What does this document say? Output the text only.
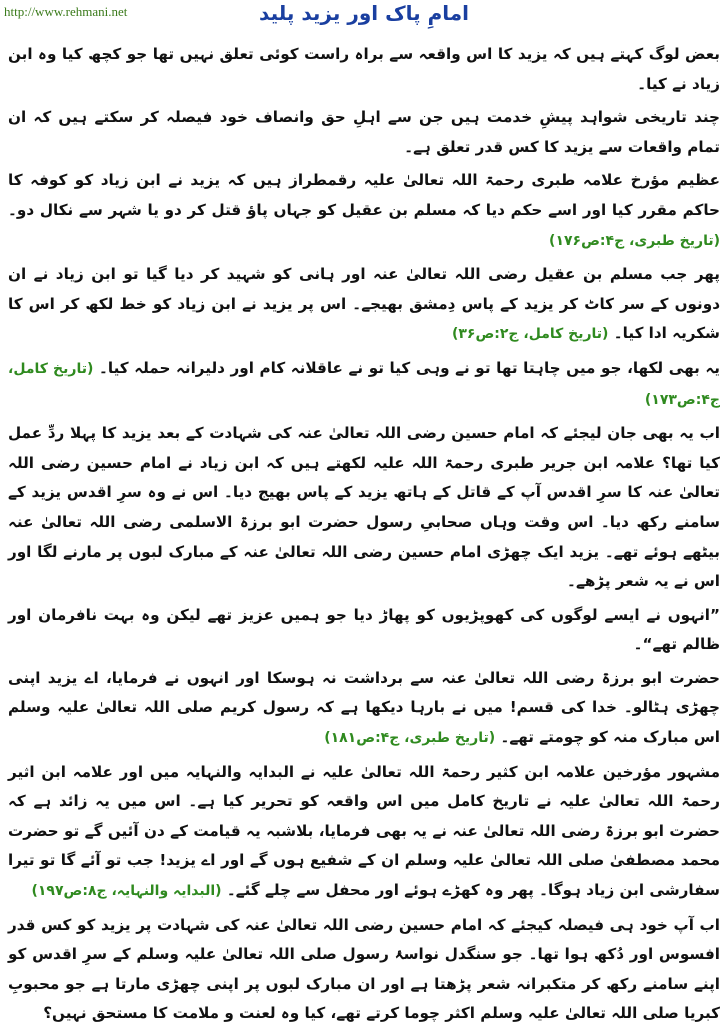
http://www.rehmani.net	امامِ پاک اور یزید پلید

بعض لوگ کہتے ہیں کہ یزید کا اس واقعہ سے براہ راست کوئی تعلق نہیں تھا جو کچھ کیا وہ ابن زیاد نے کیا۔

چند تاریخی شواہد پیشِ خدمت ہیں جن سے اہلِ حق وانصاف خود فیصلہ کر سکتے ہیں کہ ان تمام واقعات سے یزید کا کس قدر تعلق ہے۔

عظیم مؤرخ علامہ طبری رحمۃ اللہ تعالیٰ علیہ رقمطراز ہیں کہ یزید نے ابن زیاد کو کوفہ کا حاکم مقرر کیا اور اسے حکم دیا کہ مسلم بن عقیل کو جہاں پاؤ قتل کر دو یا شہر سے نکال دو۔ (تاریخ طبری، ج۴:ص۱۷۶)

پھر جب مسلم بن عقیل رضی اللہ تعالیٰ عنہ اور ہانی کو شہید کر دیا گیا تو ابن زیاد نے ان دونوں کے سر کاٹ کر یزید کے پاس دِمشق بھیجے۔ اس پر یزید نے ابن زیاد کو خط لکھ کر اس کا شکریہ ادا کیا۔ (تاریخ کامل، ج۲:ص۳۶)

یہ بھی لکھا، جو میں چاہتا تھا تو نے وہی کیا تو نے عاقلانہ کام اور دلیرانہ حملہ کیا۔ (تاریخ کامل، ج۴:ص۱۷۳)

اب یہ بھی جان لیجئے کہ امام حسین رضی اللہ تعالیٰ عنہ کی شہادت کے بعد یزید کا پہلا ردِّ عمل کیا تھا؟ علامہ ابن جریر طبری رحمۃ اللہ علیہ لکھتے ہیں کہ ابن زیاد نے امام حسین رضی اللہ تعالیٰ عنہ کا سرِ اقدس آپ کے قاتل کے ہاتھ یزید کے پاس بھیج دیا۔ اس نے وہ سرِ اقدس یزید کے سامنے رکھ دیا۔ اس وقت وہاں صحابیِ رسول حضرت ابو برزۃ الاسلمی رضی اللہ تعالیٰ عنہ بیٹھے ہوئے تھے۔ یزید ایک چھڑی امام حسین رضی اللہ تعالیٰ عنہ کے مبارک لبوں پر مارنے لگا اور اس نے یہ شعر پڑھے۔

”انہوں نے ایسے لوگوں کی کھوپڑیوں کو پھاڑ دیا جو ہمیں عزیز تھے لیکن وہ بہت نافرمان اور ظالم تھے“۔

حضرت ابو برزۃ رضی اللہ تعالیٰ عنہ سے برداشت نہ ہوسکا اور انہوں نے فرمایا، اے یزید اپنی چھڑی ہٹالو۔ خدا کی قسم! میں نے بارہا دیکھا ہے کہ رسول کریم صلی اللہ تعالیٰ علیہ وسلم اس مبارک منہ کو چومتے تھے۔ (تاریخ طبری، ج۴:ص۱۸۱)

مشہور مؤرخین علامہ ابن کثیر رحمۃ اللہ تعالیٰ علیہ نے البدایہ والنہایہ میں اور علامہ ابن اثیر رحمۃ اللہ تعالیٰ علیہ نے تاریخ کامل میں اس واقعہ کو تحریر کیا ہے۔ اس میں یہ زائد ہے کہ حضرت ابو برزۃ رضی اللہ تعالیٰ عنہ نے یہ بھی فرمایا، بلاشبہ یہ قیامت کے دن آئیں گے تو حضرت محمد مصطفیٰ صلی اللہ تعالیٰ علیہ وسلم ان کے شفیع ہوں گے اور اے یزید! جب تو آئے گا تو تیرا سفارشی ابن زیاد ہوگا۔ پھر وہ کھڑے ہوئے اور محفل سے چلے گئے۔ (البدایہ والنہایہ، ج۸:ص۱۹۷)

اب آپ خود ہی فیصلہ کیجئے کہ امام حسین رضی اللہ تعالیٰ عنہ کی شہادت پر یزید کو کس قدر افسوس اور دُکھ ہوا تھا۔ جو سنگدل نواسۂ رسول صلی اللہ تعالیٰ علیہ وسلم کے سرِ اقدس کو اپنے سامنے رکھ کر متکبرانہ شعر پڑھتا ہے اور ان مبارک لبوں پر اپنی چھڑی مارتا ہے جو محبوبِ کبریا صلی اللہ تعالیٰ علیہ وسلم اکثر چوما کرتے تھے، کیا وہ لعنت و ملامت کا مستحق نہیں؟
